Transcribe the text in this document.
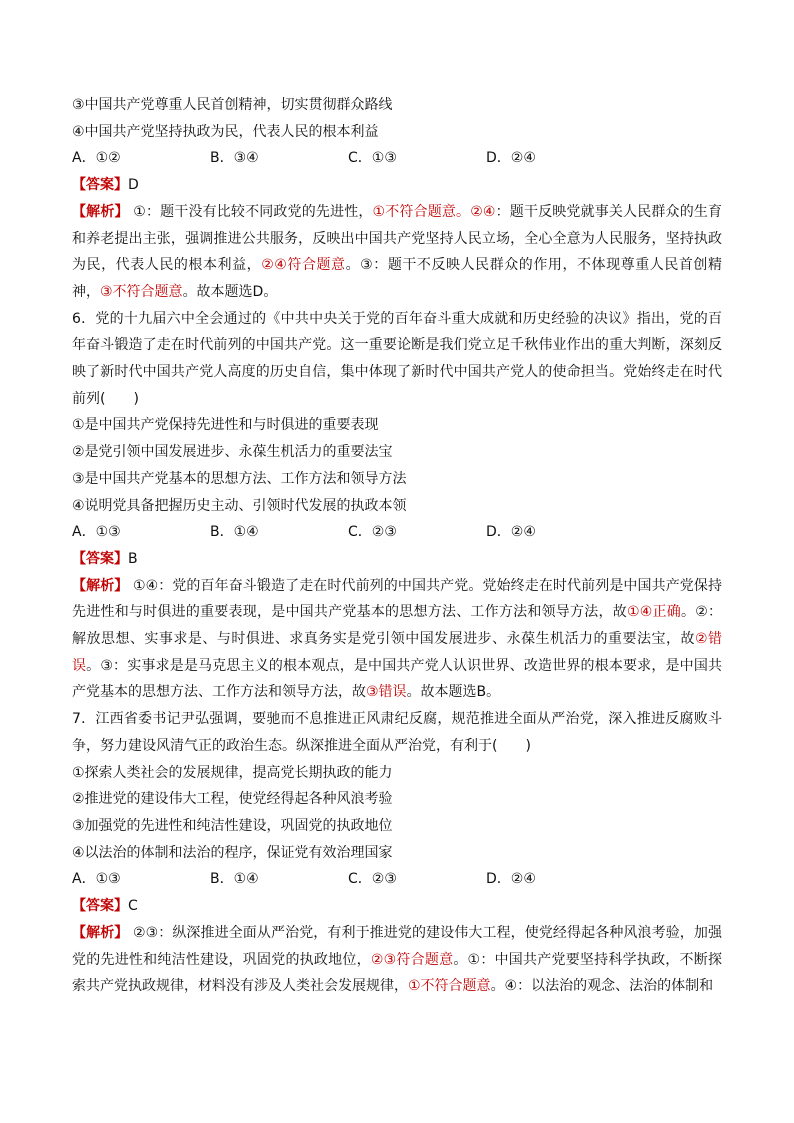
③中国共产党尊重人民首创精神，切实贯彻群众路线
④中国共产党坚持执政为民，代表人民的根本利益
A．①②	B．③④	C．①③	D．②④
【答案】D
【解析】 ①：题干没有比较不同政党的先进性，①不符合题意。②④：题干反映党就事关人民群众的生育和养老提出主张，强调推进公共服务，反映出中国共产党坚持人民立场，全心全意为人民服务，坚持执政为民，代表人民的根本利益，②④符合题意。③：题干不反映人民群众的作用，不体现尊重人民首创精神，③不符合题意。故本题选D。
6．党的十九届六中全会通过的《中共中央关于党的百年奋斗重大成就和历史经验的决议》指出，党的百年奋斗锻造了走在时代前列的中国共产党。这一重要论断是我们党立足千秋伟业作出的重大判断，深刻反映了新时代中国共产党人高度的历史自信，集中体现了新时代中国共产党人的使命担当。党始终走在时代前列(　　)
①是中国共产党保持先进性和与时俱进的重要表现
②是党引领中国发展进步、永葆生机活力的重要法宝
③是中国共产党基本的思想方法、工作方法和领导方法
④说明党具备把握历史主动、引领时代发展的执政本领
A．①③	B．①④	C．②③	D．②④
【答案】B
【解析】 ①④：党的百年奋斗锻造了走在时代前列的中国共产党。党始终走在时代前列是中国共产党保持先进性和与时俱进的重要表现，是中国共产党基本的思想方法、工作方法和领导方法，故①④正确。②：解放思想、实事求是、与时俱进、求真务实是党引领中国发展进步、永葆生机活力的重要法宝，故②错误。③：实事求是是马克思主义的根本观点，是中国共产党人认识世界、改造世界的根本要求，是中国共产党基本的思想方法、工作方法和领导方法，故③错误。故本题选B。
7．江西省委书记尹弘强调，要驰而不息推进正风肃纪反腐，规范推进全面从严治党，深入推进反腐败斗争，努力建设风清气正的政治生态。纵深推进全面从严治党，有利于(　　)
①探索人类社会的发展规律，提高党长期执政的能力
②推进党的建设伟大工程，使党经得起各种风浪考验
③加强党的先进性和纯洁性建设，巩固党的执政地位
④以法治的体制和法治的程序，保证党有效治理国家
A．①③	B．①④	C．②③	D．②④
【答案】C
【解析】 ②③：纵深推进全面从严治党，有利于推进党的建设伟大工程，使党经得起各种风浪考验，加强党的先进性和纯洁性建设，巩固党的执政地位，②③符合题意。①：中国共产党要坚持科学执政，不断探索共产党执政规律，材料没有涉及人类社会发展规律，①不符合题意。④：以法治的观念、法治的体制和
